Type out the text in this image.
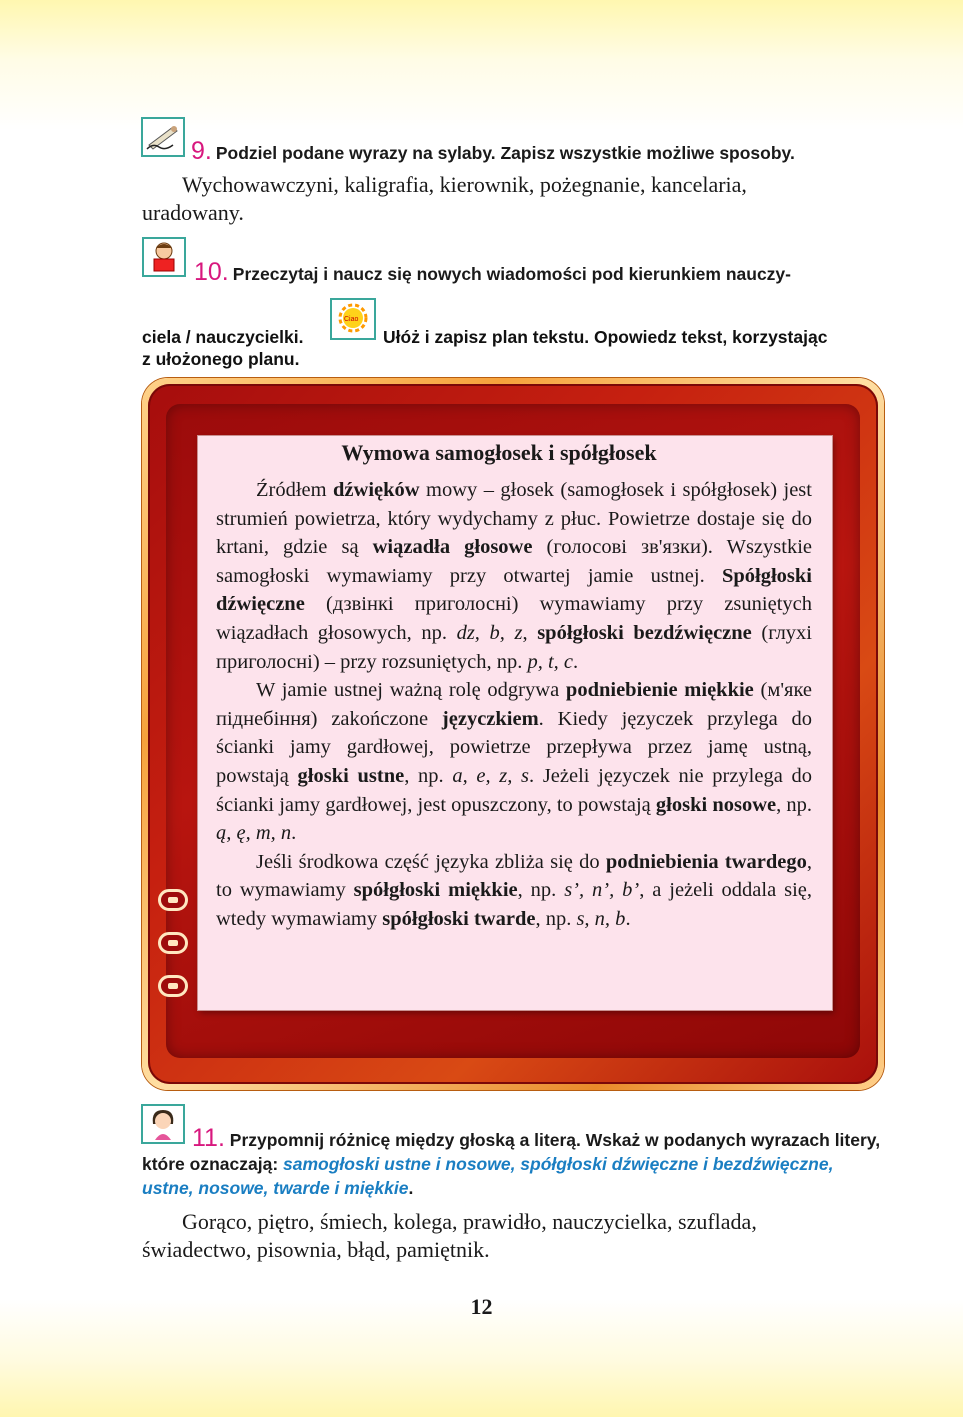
9. Podziel podane wyrazy na sylaby. Zapisz wszystkie możliwe sposoby.
Wychowawczyni, kaligrafia, kierownik, pożegnanie, kancelaria,
uradowany.
10. Przeczytaj i naucz się nowych wiadomości pod kierunkiem nauczy-
ciela / nauczycielki.
Ciao
Ułóż i zapisz plan tekstu. Opowiedz tekst, korzystając
z ułożonego planu.
Wymowa samogłosek i spółgłosek

Źródłem dźwięków mowy – głosek (samogłosek i spółgłosek) jest strumień powietrza, który wydychamy z płuc. Powietrze dostaje się do krtani, gdzie są wiązadła głosowe (голосові зв'язки). Wszystkie samogłoski wymawiamy przy otwartej jamie ustnej. Spółgłoski dźwięczne (дзвінкі приголосні) wymawiamy przy zsuniętych wiązadłach głosowych, np. dz, b, z, spółgłoski bezdźwięczne (глухі приголосні) – przy rozsuniętych, np. p, t, c.

W jamie ustnej ważną rolę odgrywa podniebienie miękkie (м'яке піднебіння) zakończone języczkiem. Kiedy języczek przylega do ścianki jamy gardłowej, powietrze przepływa przez jamę ustną, powstają głoski ustne, np. a, e, z, s. Jeżeli języczek nie przylega do ścianki jamy gardłowej, jest opuszczony, to powstają głoski nosowe, np. ą, ę, m, n.

Jeśli środkowa część języka zbliża się do podniebienia twardego, to wymawiamy spółgłoski miękkie, np. s’, n’, b’, a jeżeli oddala się, wtedy wymawiamy spółgłoski twarde, np. s, n, b.

11. Przypomnij różnicę między głoską a literą. Wskaż w podanych wyrazach litery, które oznaczają: samogłoski ustne i nosowe, spółgłoski dźwięczne i bezdźwięczne, ustne, nosowe, twarde i miękkie.
Gorąco, piętro, śmiech, kolega, prawidło, nauczycielka, szuflada,
świadectwo, pisownia, błąd, pamiętnik.
12
